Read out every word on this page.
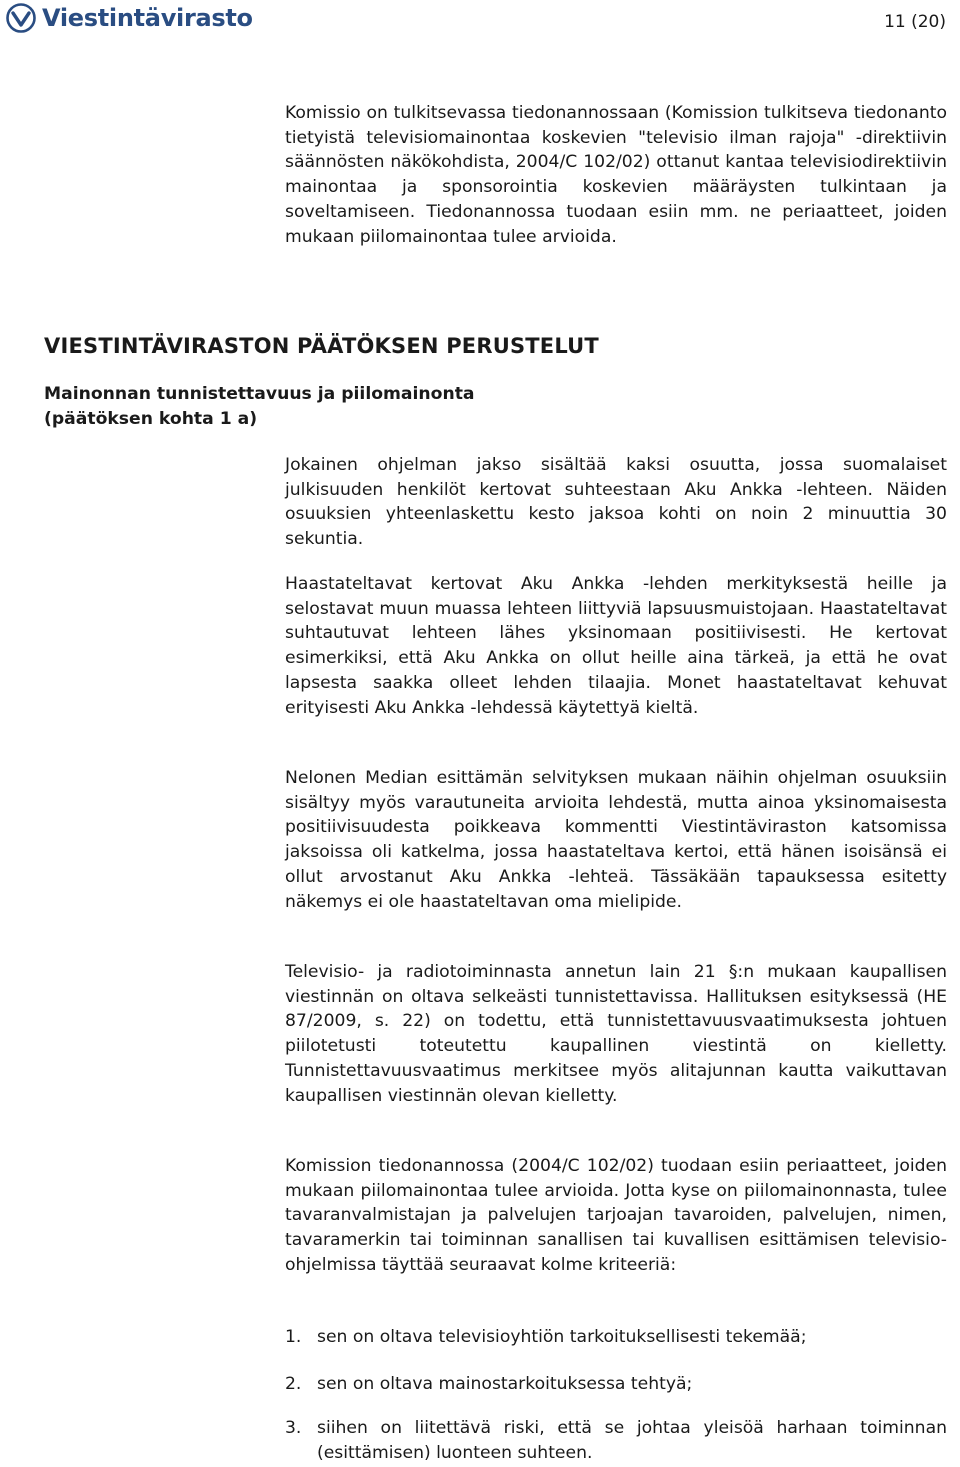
Viestintävirasto	11 (20)

Komissio on tulkitsevassa tiedonannossaan (Komission tulkitseva tiedonanto tietyistä televisiomainontaa koskevien "televisio ilman rajoja" -direktiivin säännösten näkökohdista, 2004/C 102/02) ottanut kantaa televisiodirektiivin mainontaa ja sponsorointia koskevien määräysten tulkintaan ja soveltamiseen. Tiedonannossa tuodaan esiin mm. ne periaatteet, joiden mukaan piilomainontaa tulee arvioida.

VIESTINTÄVIRASTON PÄÄTÖKSEN PERUSTELUT
Mainonnan tunnistettavuus ja piilomainonta
(päätöksen kohta 1 a)

Jokainen ohjelman jakso sisältää kaksi osuutta, jossa suomalaiset julkisuuden henkilöt kertovat suhteestaan Aku Ankka -lehteen. Näiden osuuksien yhteenlaskettu kesto jaksoa kohti on noin 2 minuuttia 30 sekuntia.

Haastateltavat kertovat Aku Ankka -lehden merkityksestä heille ja selostavat muun muassa lehteen liittyviä lapsuusmuistojaan. Haastateltavat suhtautuvat lehteen lähes yksinomaan positiivisesti. He kertovat esimerkiksi, että Aku Ankka on ollut heille aina tärkeä, ja että he ovat lapsesta saakka olleet lehden tilaajia. Monet haastateltavat kehuvat erityisesti Aku Ankka -lehdessä käytettyä kieltä.

Nelonen Median esittämän selvityksen mukaan näihin ohjelman osuuksiin sisältyy myös varautuneita arvioita lehdestä, mutta ainoa yksinomaisesta positiivisuudesta poikkeava kommentti Viestintäviraston katsomissa jaksoissa oli katkelma, jossa haastateltava kertoi, että hänen isoisänsä ei ollut arvostanut Aku Ankka -lehteä. Tässäkään tapauksessa esitetty näkemys ei ole haastateltavan oma mielipide.

Televisio- ja radiotoiminnasta annetun lain 21 §:n mukaan kaupallisen viestinnän on oltava selkeästi tunnistettavissa. Hallituksen esityksessä (HE 87/2009, s. 22) on todettu, että tunnistettavuusvaatimuksesta johtuen piilotetusti toteutettu kaupallinen viestintä on kielletty. Tunnistettavuusvaatimus merkitsee myös alitajunnan kautta vaikuttavan kaupallisen viestinnän olevan kielletty.

Komission tiedonannossa (2004/C 102/02) tuodaan esiin periaatteet, joiden mukaan piilomainontaa tulee arvioida. Jotta kyse on piilomainonnasta, tulee tavaranvalmistajan ja palvelujen tarjoajan tavaroiden, palvelujen, nimen, tavaramerkin tai toiminnan sanallisen tai kuvallisen esittämisen televisio-ohjelmissa täyttää seuraavat kolme kriteeriä:

1. sen on oltava televisioyhtiön tarkoituksellisesti tekemää;
2. sen on oltava mainostarkoituksessa tehtyä;
3. siihen on liitettävä riski, että se johtaa yleisöä harhaan toiminnan (esittämisen) luonteen suhteen.
